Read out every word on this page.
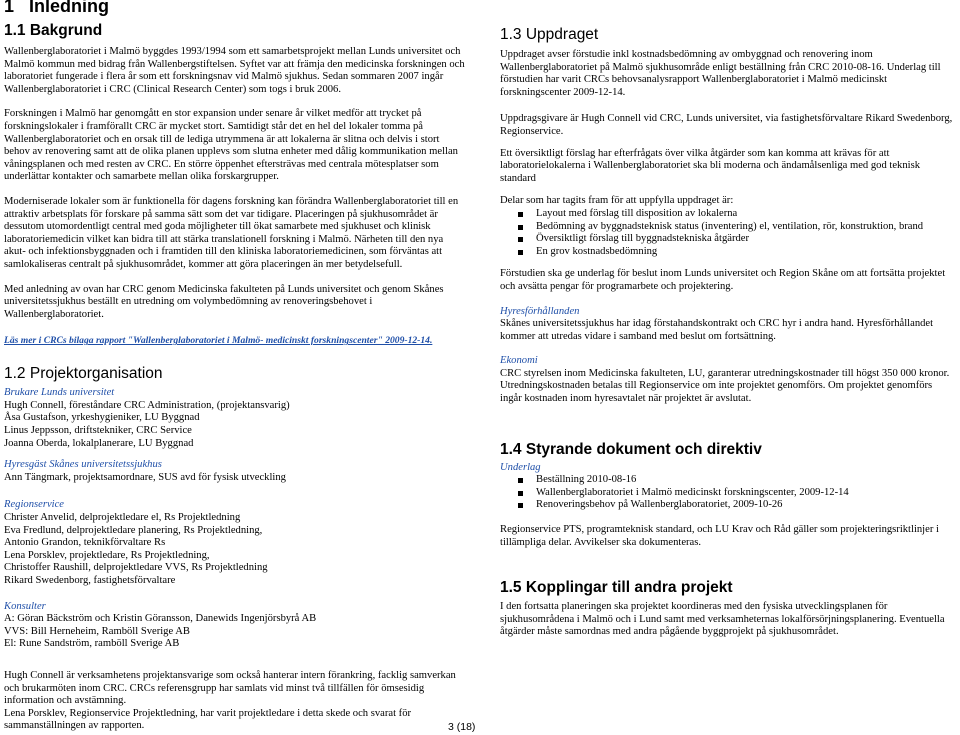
1 Inledning
1.1 Bakgrund

Wallenberglaboratoriet i Malmö byggdes 1993/1994 som ett samarbetsprojekt mellan Lunds universitet och Malmö kommun med bidrag från Wallenbergstiftelsen. Syftet var att främja den medicinska forskningen och laboratoriet fungerade i flera år som ett forskningsnav vid Malmö sjukhus. Sedan sommaren 2007 ingår Wallenberglaboratoriet i CRC (Clinical Research Center) som togs i bruk 2006.

Forskningen i Malmö har genomgått en stor expansion under senare år vilket medför att trycket på forskningslokaler i framförallt CRC är mycket stort. Samtidigt står det en hel del lokaler tomma på Wallenberglaboratoriet och en orsak till de lediga utrymmena är att lokalerna är slitna och delvis i stort behov av renovering samt att de olika planen upplevs som slutna enheter med dålig kommunikation mellan våningsplanen och med resten av CRC. En större öppenhet eftersträvas med centrala mötesplatser som underlättar kontakter och samarbete mellan olika forskargrupper.

Moderniserade lokaler som är funktionella för dagens forskning kan förändra Wallenberglaboratoriet till en attraktiv arbetsplats för forskare på samma sätt som det var tidigare. Placeringen på sjukhusområdet är dessutom utomordentligt central med goda möjligheter till ökat samarbete med sjukhuset och klinisk laboratoriemedicin vilket kan bidra till att stärka translationell forskning i Malmö. Närheten till den nya akut- och infektionsbyggnaden och i framtiden till den kliniska laboratoriemedicinen, som förväntas att samlokaliseras centralt på sjukhusområdet, kommer att göra placeringen än mer betydelsefull.

Med anledning av ovan har CRC genom Medicinska fakulteten på Lunds universitet och genom Skånes universitetssjukhus beställt en utredning om volymbedömning av renoveringsbehovet i Wallenberglaboratoriet.

Läs mer i CRCs bilaga rapport "Wallenberglaboratoriet i Malmö- medicinskt forskningscenter" 2009-12-14.

1.2 Projektorganisation
Brukare Lunds universitet
Hugh Connell, föreståndare CRC Administration, (projektansvarig)
Åsa Gustafson, yrkeshygieniker, LU Byggnad
Linus Jeppsson, driftstekniker, CRC Service
Joanna Oberda, lokalplanerare, LU Byggnad
Hyresgäst Skånes universitetssjukhus
Ann Tängmark, projektsamordnare, SUS avd för fysisk utveckling
Regionservice
Christer Anvelid, delprojektledare el, Rs Projektledning
Eva Fredlund, delprojektledare planering, Rs Projektledning,
Antonio Grandon, teknikförvaltare Rs
Lena Porsklev, projektledare, Rs Projektledning,
Christoffer Raushill, delprojektledare VVS, Rs Projektledning
Rikard Swedenborg, fastighetsförvaltare
Konsulter
A: Göran Bäckström och Kristin Göransson, Danewids Ingenjörsbyrå AB
VVS: Bill Herneheim, Ramböll Sverige AB
El: Rune Sandström, ramböll Sverige AB

Hugh Connell är verksamhetens projektansvarige som också hanterar intern förankring, facklig samverkan och brukarmöten inom CRC. CRCs referensgrupp har samlats vid minst två tillfällen för ömsesidig information och avstämning.

Lena Porsklev, Regionservice Projektledning, har varit projektledare i detta skede och svarat för sammanställningen av rapporten.

1.3 Uppdraget

Uppdraget avser förstudie inkl kostnadsbedömning av ombyggnad och renovering inom Wallenberglaboratoriet på Malmö sjukhusområde enligt beställning från CRC 2010-08-16. Underlag till förstudien har varit CRCs behovsanalysrapport Wallenberglaboratoriet i Malmö medicinskt forskningscenter 2009-12-14.

Uppdragsgivare är Hugh Connell vid CRC, Lunds universitet, via fastighetsförvaltare Rikard Swedenborg, Regionservice.

Ett översiktligt förslag har efterfrågats över vilka åtgärder som kan komma att krävas för att laboratorielokalerna i Wallenberglaboratoriet ska bli moderna och ändamålsenliga med god teknisk standard

Delar som har tagits fram för att uppfylla uppdraget är:

Layout med förslag till disposition av lokalerna
Bedömning av byggnadsteknisk status (inventering) el, ventilation, rör, konstruktion, brand
Översiktligt förslag till byggnadstekniska åtgärder
En grov kostnadsbedömning

Förstudien ska ge underlag för beslut inom Lunds universitet och Region Skåne om att fortsätta projektet och avsätta pengar för programarbete och projektering.

Hyresförhållanden

Skånes universitetssjukhus har idag förstahandskontrakt och CRC hyr i andra hand. Hyresförhållandet kommer att utredas vidare i samband med beslut om fortsättning.

Ekonomi

CRC styrelsen inom Medicinska fakulteten, LU, garanterar utredningskostnader till högst 350 000 kronor. Utredningskostnaden betalas till Regionservice om inte projektet genomförs. Om projektet genomförs ingår kostnaden inom hyresavtalet när projektet är avslutat.

1.4 Styrande dokument och direktiv

Underlag

Beställning 2010-08-16
Wallenberglaboratoriet i Malmö medicinskt forskningscenter, 2009-12-14
Renoveringsbehov på Wallenberglaboratoriet, 2009-10-26

Regionservice PTS, programteknisk standard, och LU Krav och Råd gäller som projekteringsriktlinjer i tillämpliga delar. Avvikelser ska dokumenteras.

1.5 Kopplingar till andra projekt

I den fortsatta planeringen ska projektet koordineras med den fysiska utvecklingsplanen för sjukhusområdena i Malmö och i Lund samt med verksamheternas lokalförsörjningsplanering. Eventuella åtgärder måste samordnas med andra pågående byggprojekt på sjukhusområdet.

3 (18)
